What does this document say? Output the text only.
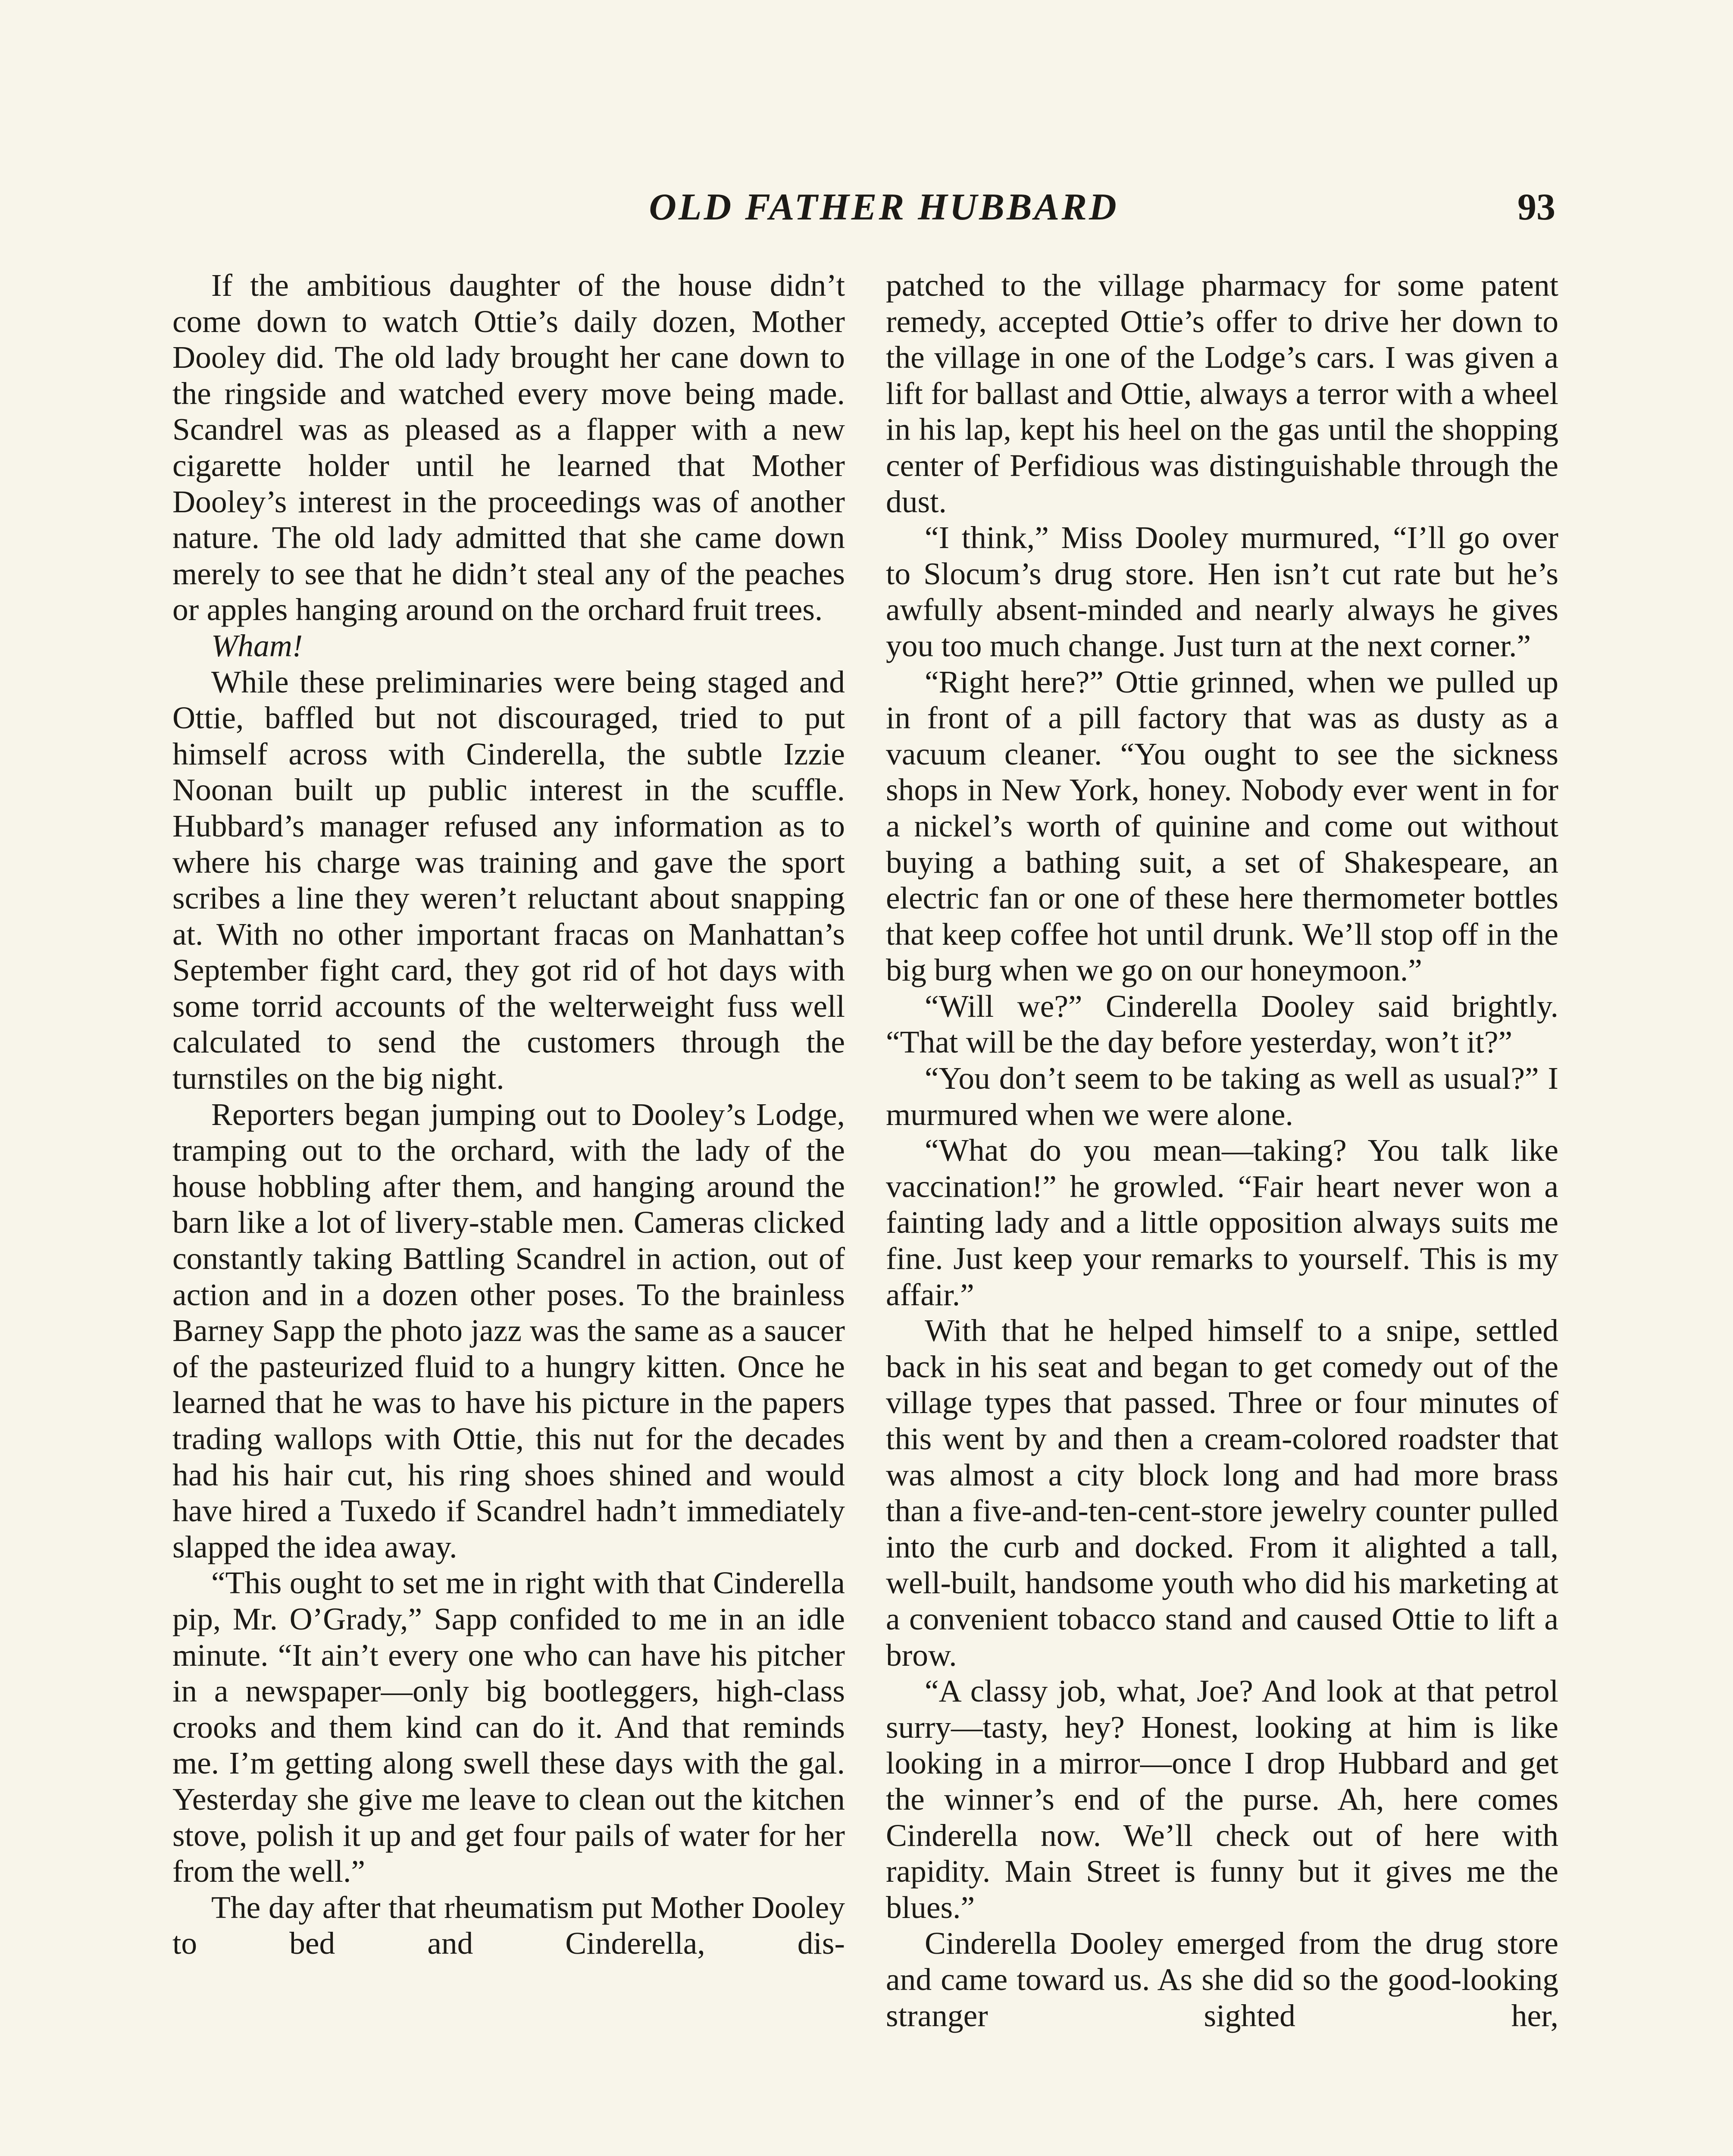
OLD FATHER HUBBARD	93

If the ambitious daughter of the house didn’t come down to watch Ottie’s daily dozen, Mother Dooley did. The old lady brought her cane down to the ringside and watched every move being made. Scandrel was as pleased as a flapper with a new cigarette holder until he learned that Mother Dooley’s interest in the proceedings was of another nature. The old lady admitted that she came down merely to see that he didn’t steal any of the peaches or apples hanging around on the orchard fruit trees.

Wham!

While these preliminaries were being staged and Ottie, baffled but not discouraged, tried to put himself across with Cinderella, the subtle Izzie Noonan built up public interest in the scuffle. Hubbard’s manager refused any information as to where his charge was training and gave the sport scribes a line they weren’t reluctant about snapping at. With no other important fracas on Manhattan’s September fight card, they got rid of hot days with some torrid accounts of the welterweight fuss well calculated to send the customers through the turnstiles on the big night.

Reporters began jumping out to Dooley’s Lodge, tramping out to the orchard, with the lady of the house hobbling after them, and hanging around the barn like a lot of livery-stable men. Cameras clicked constantly taking Battling Scandrel in action, out of action and in a dozen other poses. To the brainless Barney Sapp the photo jazz was the same as a saucer of the pasteurized fluid to a hungry kitten. Once he learned that he was to have his picture in the papers trading wallops with Ottie, this nut for the decades had his hair cut, his ring shoes shined and would have hired a Tuxedo if Scandrel hadn’t immediately slapped the idea away.

“This ought to set me in right with that Cinderella pip, Mr. O’Grady,” Sapp confided to me in an idle minute. “It ain’t every one who can have his pitcher in a newspaper—only big bootleggers, high-class crooks and them kind can do it. And that reminds me. I’m getting along swell these days with the gal. Yesterday she give me leave to clean out the kitchen stove, polish it up and get four pails of water for her from the well.”

The day after that rheumatism put Mother Dooley to bed and Cinderella, dis-

patched to the village pharmacy for some patent remedy, accepted Ottie’s offer to drive her down to the village in one of the Lodge’s cars. I was given a lift for ballast and Ottie, always a terror with a wheel in his lap, kept his heel on the gas until the shopping center of Perfidious was distinguishable through the dust.

“I think,” Miss Dooley murmured, “I’ll go over to Slocum’s drug store. Hen isn’t cut rate but he’s awfully absent-minded and nearly always he gives you too much change. Just turn at the next corner.”

“Right here?” Ottie grinned, when we pulled up in front of a pill factory that was as dusty as a vacuum cleaner. “You ought to see the sickness shops in New York, honey. Nobody ever went in for a nickel’s worth of quinine and come out without buying a bathing suit, a set of Shakespeare, an electric fan or one of these here thermometer bottles that keep coffee hot until drunk. We’ll stop off in the big burg when we go on our honeymoon.”

“Will we?” Cinderella Dooley said brightly. “That will be the day before yesterday, won’t it?”

“You don’t seem to be taking as well as usual?” I murmured when we were alone.

“What do you mean—taking? You talk like vaccination!” he growled. “Fair heart never won a fainting lady and a little opposition always suits me fine. Just keep your remarks to yourself. This is my affair.”

With that he helped himself to a snipe, settled back in his seat and began to get comedy out of the village types that passed. Three or four minutes of this went by and then a cream-colored roadster that was almost a city block long and had more brass than a five-and-ten-cent-store jewelry counter pulled into the curb and docked. From it alighted a tall, well-built, handsome youth who did his marketing at a convenient tobacco stand and caused Ottie to lift a brow.

“A classy job, what, Joe? And look at that petrol surry—tasty, hey? Honest, looking at him is like looking in a mirror—once I drop Hubbard and get the winner’s end of the purse. Ah, here comes Cinderella now. We’ll check out of here with rapidity. Main Street is funny but it gives me the blues.”

Cinderella Dooley emerged from the drug store and came toward us. As she did so the good-looking stranger sighted her,
